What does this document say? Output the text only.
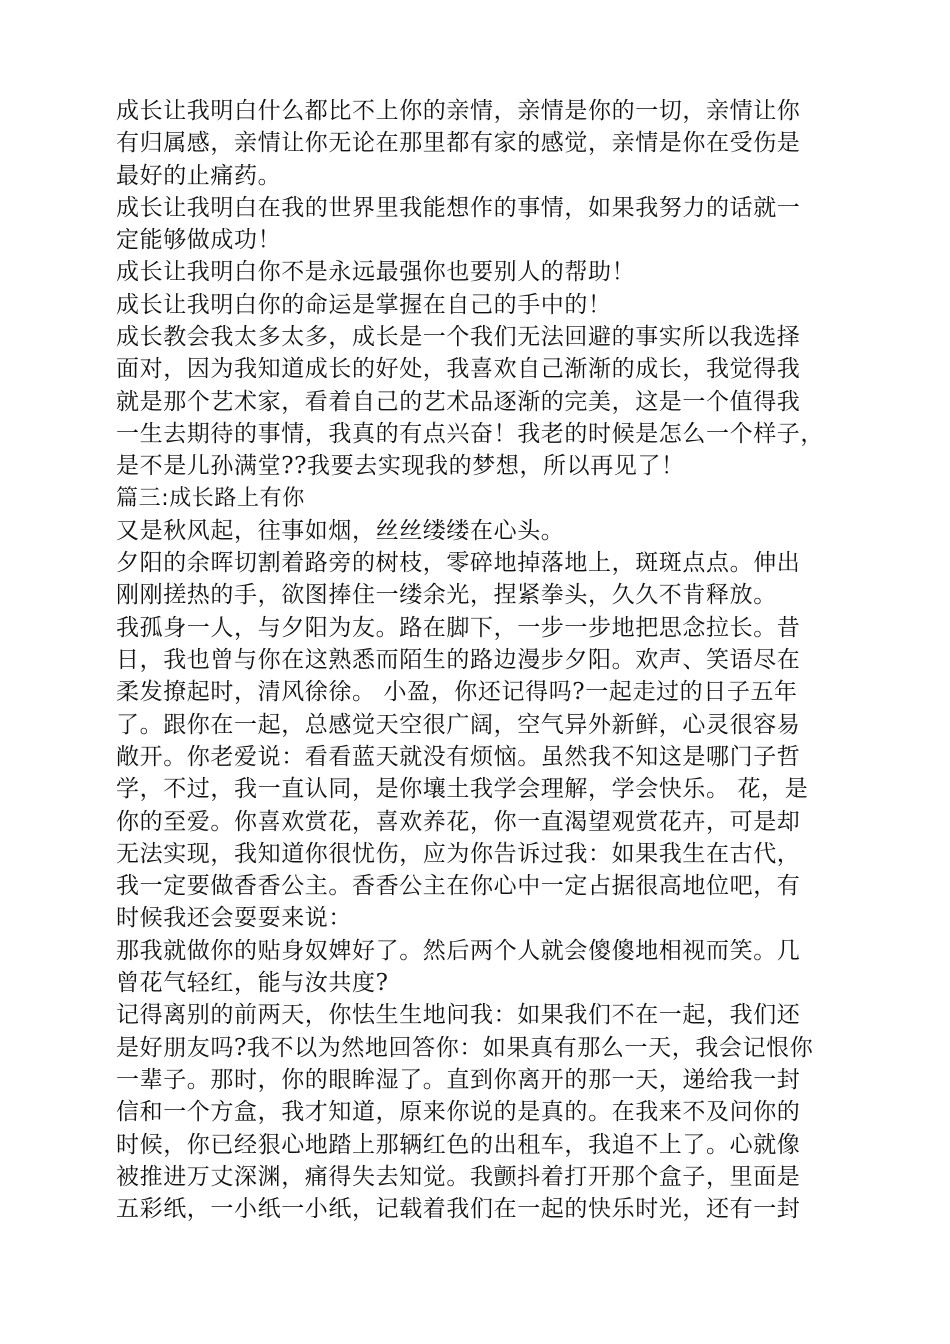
成长让我明白什么都比不上你的亲情，亲情是你的一切，亲情让你
有归属感，亲情让你无论在那里都有家的感觉，亲情是你在受伤是
最好的止痛药。
成长让我明白在我的世界里我能想作的事情，如果我努力的话就一
定能够做成功！
成长让我明白你不是永远最强你也要别人的帮助！
成长让我明白你的命运是掌握在自己的手中的！
成长教会我太多太多，成长是一个我们无法回避的事实所以我选择
面对，因为我知道成长的好处，我喜欢自己渐渐的成长，我觉得我
就是那个艺术家，看着自己的艺术品逐渐的完美，这是一个值得我
一生去期待的事情，我真的有点兴奋！我老的时候是怎么一个样子，
是不是儿孙满堂??我要去实现我的梦想，所以再见了！
篇三:成长路上有你
又是秋风起，往事如烟，丝丝缕缕在心头。
夕阳的余晖切割着路旁的树枝，零碎地掉落地上，斑斑点点。伸出
刚刚搓热的手，欲图捧住一缕余光，捏紧拳头，久久不肯释放。
我孤身一人，与夕阳为友。路在脚下，一步一步地把思念拉长。昔
日，我也曾与你在这熟悉而陌生的路边漫步夕阳。欢声、笑语尽在
柔发撩起时，清风徐徐。 小盈，你还记得吗?一起走过的日子五年
了。跟你在一起，总感觉天空很广阔，空气异外新鲜，心灵很容易
敞开。你老爱说：看看蓝天就没有烦恼。虽然我不知这是哪门子哲
学，不过，我一直认同，是你壤土我学会理解，学会快乐。 花，是
你的至爱。你喜欢赏花，喜欢养花，你一直渴望观赏花卉，可是却
无法实现，我知道你很忧伤，应为你告诉过我：如果我生在古代，
我一定要做香香公主。香香公主在你心中一定占据很高地位吧，有
时候我还会耍耍来说：
那我就做你的贴身奴婢好了。然后两个人就会傻傻地相视而笑。几
曾花气轻红，能与汝共度?
记得离别的前两天，你怯生生地问我：如果我们不在一起，我们还
是好朋友吗?我不以为然地回答你：如果真有那么一天，我会记恨你
一辈子。那时，你的眼眸湿了。直到你离开的那一天，递给我一封
信和一个方盒，我才知道，原来你说的是真的。在我来不及问你的
时候，你已经狠心地踏上那辆红色的出租车，我追不上了。心就像
被推进万丈深渊，痛得失去知觉。我颤抖着打开那个盒子，里面是
五彩纸，一小纸一小纸，记载着我们在一起的快乐时光，还有一封
